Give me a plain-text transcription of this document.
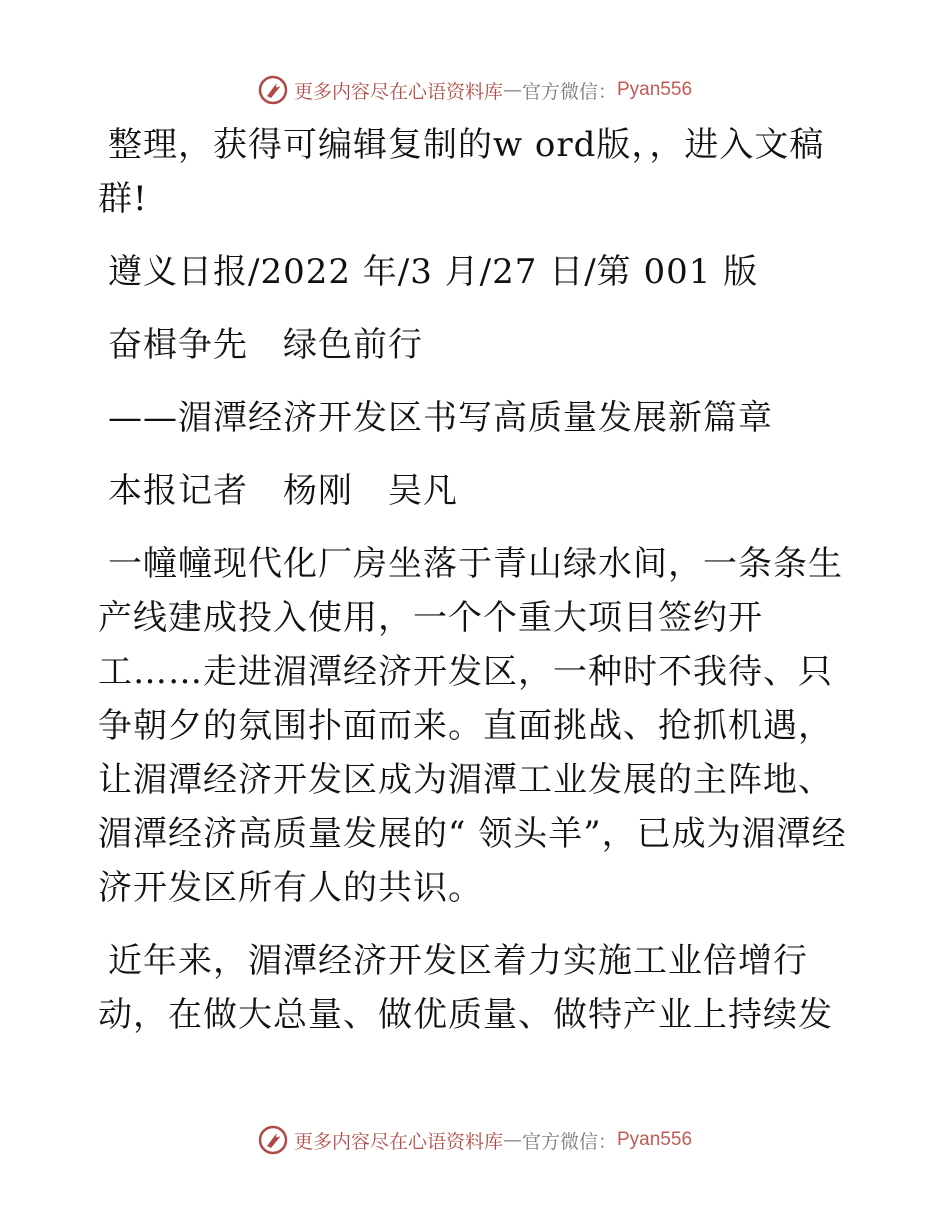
更多内容尽在心语资料库 — 官方微信： Pyan556

整理，获得可编辑复制的w ord版，，进入文稿群!

遵义日报/2022 年/3 月/27 日/第 001 版

奋楫争先　绿色前行

——湄潭经济开发区书写高质量发展新篇章

本报记者　杨刚　吴凡

一幢幢现代化厂房坐落于青山绿水间，一条条生产线建成投入使用，一个个重大项目签约开工……走进湄潭经济开发区，一种时不我待、只争朝夕的氛围扑面而来。直面挑战、抢抓机遇，让湄潭经济开发区成为湄潭工业发展的主阵地、湄潭经济高质量发展的“ 领头羊”，已成为湄潭经济开发区所有人的共识。

近年来，湄潭经济开发区着力实施工业倍增行动，在做大总量、做优质量、做特产业上持续发

更多内容尽在心语资料库 — 官方微信： Pyan556
